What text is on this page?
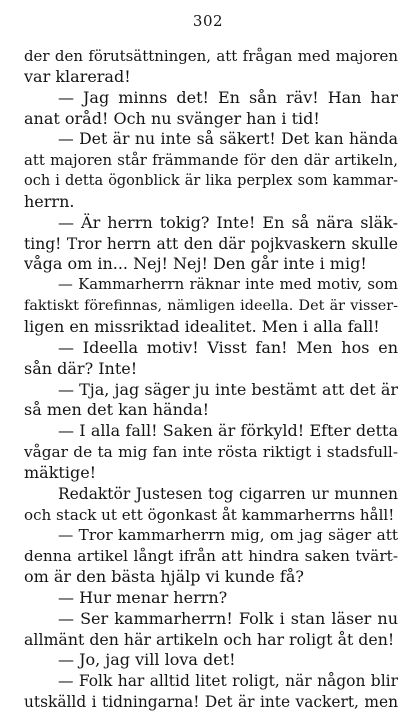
302
der den förutsättningen, att frågan med majoren
var klarerad!
— Jag minns det! En sån räv! Han har
anat oråd! Och nu svänger han i tid!
— Det är nu inte så säkert! Det kan hända
att majoren står främmande för den där artikeln,
och i detta ögonblick är lika perplex som kammar-
herrn.
— Är herrn tokig? Inte! En så nära släk-
ting! Tror herrn att den där pojkvaskern skulle
våga om in... Nej! Nej! Den går inte i mig!
— Kammarherrn räknar inte med motiv, som
faktiskt förefinnas, nämligen ideella. Det är visser-
ligen en missriktad idealitet. Men i alla fall!
— Ideella motiv! Visst fan! Men hos en
sån där? Inte!
— Tja, jag säger ju inte bestämt att det är
så men det kan hända!
— I alla fall! Saken är förkyld! Efter detta
vågar de ta mig fan inte rösta riktigt i stadsfull-
mäktige!
Redaktör Justesen tog cigarren ur munnen
och stack ut ett ögonkast åt kammarherrns håll!
— Tror kammarherrn mig, om jag säger att
denna artikel långt ifrån att hindra saken tvärt-
om är den bästa hjälp vi kunde få?
— Hur menar herrn?
— Ser kammarherrn! Folk i stan läser nu
allmänt den här artikeln och har roligt åt den!
— Jo, jag vill lova det!
— Folk har alltid litet roligt, när någon blir
utskälld i tidningarna! Det är inte vackert, men
